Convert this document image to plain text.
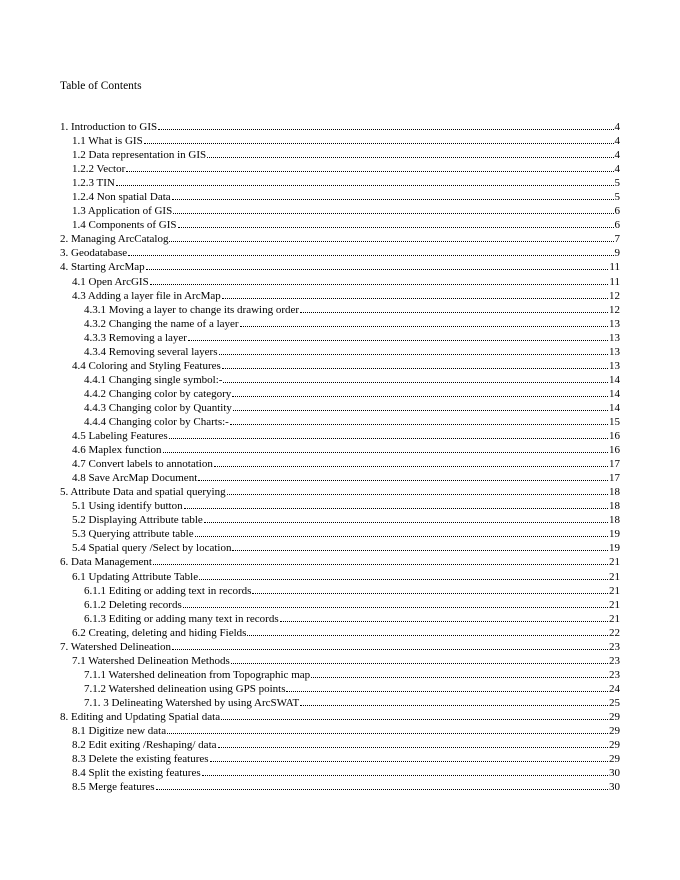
Table of Contents
1. Introduction to GIS	4
1.1 What is GIS	4
1.2 Data representation in GIS	4
1.2.2 Vector	4
1.2.3 TIN	5
1.2.4 Non spatial Data	5
1.3 Application of GIS	6
1.4 Components of GIS	6
2. Managing ArcCatalog	7
3. Geodatabase	9
4. Starting ArcMap	11
4.1 Open ArcGIS	11
4.3 Adding a layer file in ArcMap	12
4.3.1 Moving a layer to change its drawing order	12
4.3.2 Changing the name of a layer	13
4.3.3 Removing a layer	13
4.3.4 Removing several layers	13
4.4 Coloring and Styling Features	13
4.4.1 Changing single symbol:-	14
4.4.2 Changing color by category	14
4.4.3 Changing color by Quantity	14
4.4.4 Changing color by Charts:-	15
4.5 Labeling Features	16
4.6 Maplex function	16
4.7 Convert labels to annotation	17
4.8 Save ArcMap Document	17
5. Attribute Data and spatial querying	18
5.1 Using identify button	18
5.2 Displaying Attribute table	18
5.3 Querying attribute table	19
5.4 Spatial query /Select by location	19
6. Data Management	21
6.1 Updating Attribute Table	21
6.1.1 Editing or adding text in records	21
6.1.2 Deleting records	21
6.1.3 Editing or adding many text in records	21
6.2 Creating, deleting and hiding Fields	22
7. Watershed Delineation	23
7.1 Watershed Delineation Methods	23
7.1.1 Watershed delineation from Topographic map	23
7.1.2 Watershed delineation using GPS points	24
7.1. 3 Delineating Watershed by using ArcSWAT	25
8. Editing and Updating Spatial data	29
8.1 Digitize new data	29
8.2 Edit exiting /Reshaping/ data	29
8.3 Delete the existing features	29
8.4 Split the existing features	30
8.5 Merge features	30
